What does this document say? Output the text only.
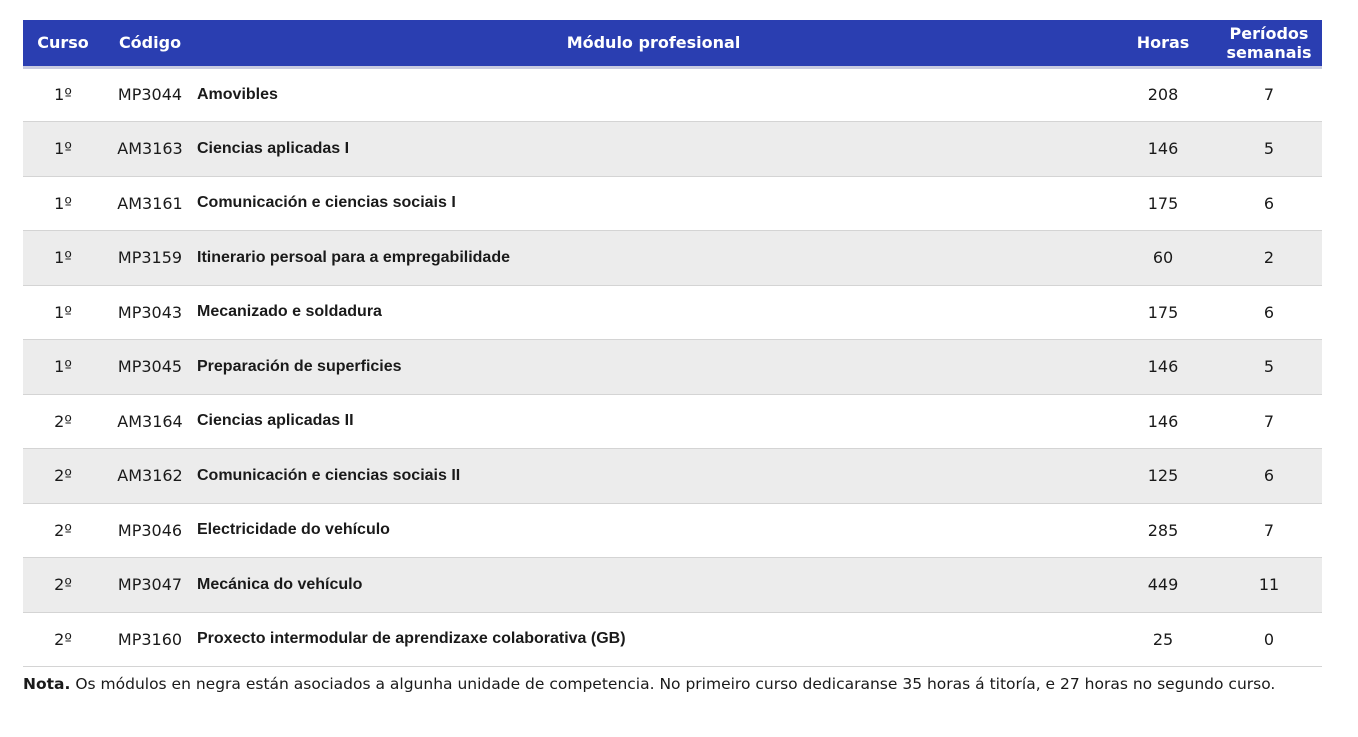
Curso	Código	Módulo profesional	Horas	Períodos
semanais
1º	MP3044	Amovibles	208	7
1º	AM3163	Ciencias aplicadas I	146	5
1º	AM3161	Comunicación e ciencias sociais I	175	6
1º	MP3159	Itinerario persoal para a empregabilidade	60	2
1º	MP3043	Mecanizado e soldadura	175	6
1º	MP3045	Preparación de superficies	146	5
2º	AM3164	Ciencias aplicadas II	146	7
2º	AM3162	Comunicación e ciencias sociais II	125	6
2º	MP3046	Electricidade do vehículo	285	7
2º	MP3047	Mecánica do vehículo	449	11
2º	MP3160	Proxecto intermodular de aprendizaxe colaborativa (GB)	25	0
Nota. Os módulos en negra están asociados a algunha unidade de competencia. No primeiro curso dedicaranse 35 horas á titoría, e 27 horas no segundo curso.
